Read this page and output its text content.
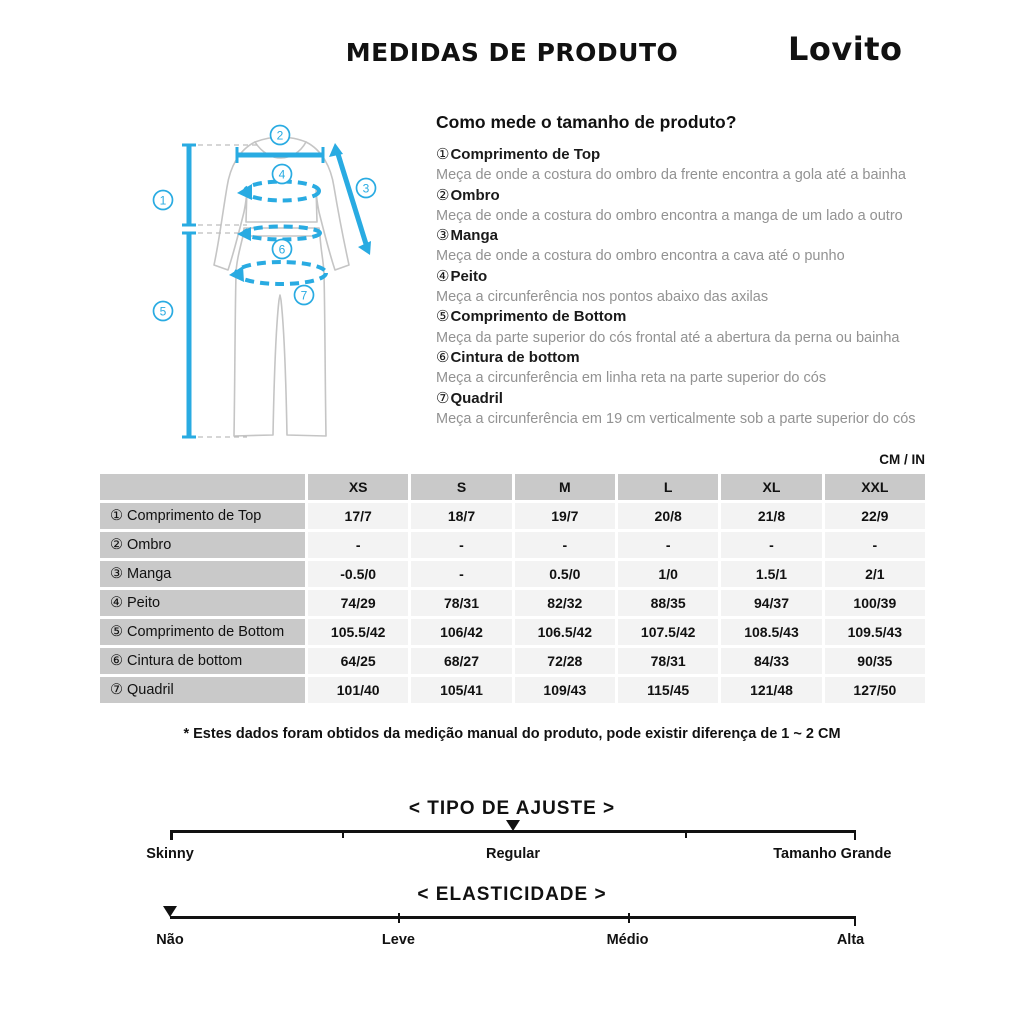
MEDIDAS DE PRODUTO	Lovito
1
2
3
4
5
6
7
Como mede o tamanho de produto?
①Comprimento de Top
Meça de onde a costura do ombro da frente encontra a gola até a bainha
②Ombro
Meça de onde a costura do ombro encontra a manga de um lado a outro
③Manga
Meça de onde a costura do ombro encontra a cava até o punho
④Peito
Meça a circunferência nos pontos abaixo das axilas
⑤Comprimento de Bottom
Meça da parte superior do cós frontal até a abertura da perna ou bainha
⑥Cintura de bottom
Meça a circunferência em linha reta na parte superior do cós
⑦Quadril
Meça a circunferência em 19 cm verticalmente sob a parte superior do cós
CM / IN
XS	S	M	L	XL	XXL
① Comprimento de Top	17/7	18/7	19/7	20/8	21/8	22/9
② Ombro	-	-	-	-	-	-
③ Manga	-0.5/0	-	0.5/0	1/0	1.5/1	2/1
④ Peito	74/29	78/31	82/32	88/35	94/37	100/39
⑤ Comprimento de Bottom	105.5/42	106/42	106.5/42	107.5/42	108.5/43	109.5/43
⑥ Cintura de bottom	64/25	68/27	72/28	78/31	84/33	90/35
⑦ Quadril	101/40	105/41	109/43	115/45	121/48	127/50
* Estes dados foram obtidos da medição manual do produto, pode existir diferença de 1 ~ 2 CM
< TIPO DE AJUSTE >
Skinny	Regular	Tamanho Grande
< ELASTICIDADE >
Não	Leve	Médio	Alta
